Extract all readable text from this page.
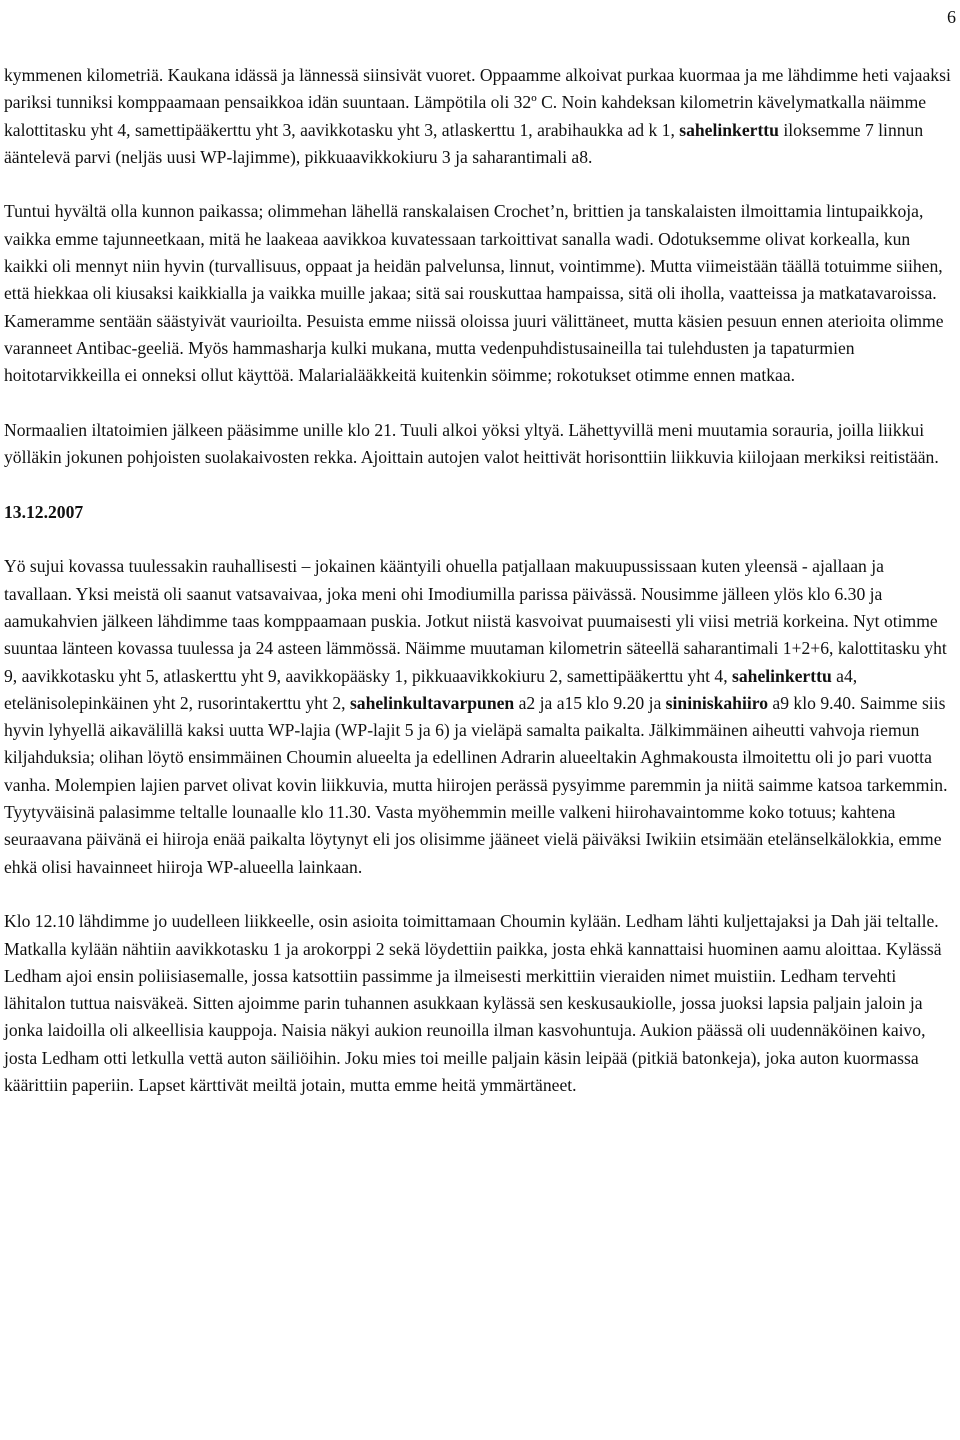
6

kymmenen kilometriä. Kaukana idässä ja lännessä siinsivät vuoret. Oppaamme alkoivat purkaa kuormaa ja me lähdimme heti vajaaksi pariksi tunniksi komppaamaan pensaikkoa idän suuntaan. Lämpötila oli 32º C. Noin kahdeksan kilometrin kävelymatkalla näimme kalottitasku yht 4, samettipääkerttu yht 3, aavikkotasku yht 3, atlaskerttu 1, arabihaukka ad k 1, sahelinkerttu iloksemme 7 linnun ääntelevä parvi (neljäs uusi WP-lajimme), pikkuaavikkokiuru 3 ja saharantimali a8.

Tuntui hyvältä olla kunnon paikassa; olimmehan lähellä ranskalaisen Crochet’n, brittien ja tanskalaisten ilmoittamia lintupaikkoja, vaikka emme tajunneetkaan, mitä he laakeaa aavikkoa kuvatessaan tarkoittivat sanalla wadi. Odotuksemme olivat korkealla, kun kaikki oli mennyt niin hyvin (turvallisuus, oppaat ja heidän palvelunsa, linnut, vointimme). Mutta viimeistään täällä totuimme siihen, että hiekkaa oli kiusaksi kaikkialla ja vaikka muille jakaa; sitä sai rouskuttaa hampaissa, sitä oli iholla, vaatteissa ja matkatavaroissa. Kameramme sentään säästyivät vaurioilta. Pesuista emme niissä oloissa juuri välittäneet, mutta käsien pesuun ennen aterioita olimme varanneet Antibac-geeliä. Myös hammasharja kulki mukana, mutta vedenpuhdistusaineilla tai tulehdusten ja tapaturmien hoitotarvikkeilla ei onneksi ollut käyttöä. Malarialääkkeitä kuitenkin söimme; rokotukset otimme ennen matkaa.

Normaalien iltatoimien jälkeen pääsimme unille klo 21. Tuuli alkoi yöksi yltyä. Lähettyvillä meni muutamia sorauria, joilla liikkui yölläkin jokunen pohjoisten suolakaivosten rekka. Ajoittain autojen valot heittivät horisonttiin liikkuvia kiilojaan merkiksi reitistään.

13.12.2007

Yö sujui kovassa tuulessakin rauhallisesti – jokainen kääntyili ohuella patjallaan makuupussissaan kuten yleensä - ajallaan ja tavallaan. Yksi meistä oli saanut vatsavaivaa, joka meni ohi Imodiumilla parissa päivässä. Nousimme jälleen ylös klo 6.30 ja aamukahvien jälkeen lähdimme taas komppaamaan puskia. Jotkut niistä kasvoivat puumaisesti yli viisi metriä korkeina. Nyt otimme suuntaa länteen kovassa tuulessa ja 24 asteen lämmössä. Näimme muutaman kilometrin säteellä saharantimali 1+2+6, kalottitasku yht 9, aavikkotasku yht 5, atlaskerttu yht 9, aavikkopääsky 1, pikkuaavikkokiuru 2, samettipääkerttu yht 4, sahelinkerttu a4, etelänisolepinkäinen yht 2, rusorintakerttu yht 2, sahelinkultavarpunen a2 ja a15 klo 9.20 ja sininiskahiiro a9 klo 9.40. Saimme siis hyvin lyhyellä aikavälillä kaksi uutta WP-lajia (WP-lajit 5 ja 6) ja vieläpä samalta paikalta. Jälkimmäinen aiheutti vahvoja riemun kiljahduksia; olihan löytö ensimmäinen Choumin alueelta ja edellinen Adrarin alueeltakin Aghmakousta ilmoitettu oli jo pari vuotta vanha. Molempien lajien parvet olivat kovin liikkuvia, mutta hiirojen perässä pysyimme paremmin ja niitä saimme katsoa tarkemmin. Tyytyväisinä palasimme teltalle lounaalle klo 11.30. Vasta myöhemmin meille valkeni hiirohavaintomme koko totuus; kahtena seuraavana päivänä ei hiiroja enää paikalta löytynyt eli jos olisimme jääneet vielä päiväksi Iwikiin etsimään etelänselkälokkia, emme ehkä olisi havainneet hiiroja WP-alueella lainkaan.

Klo 12.10 lähdimme jo uudelleen liikkeelle, osin asioita toimittamaan Choumin kylään. Ledham lähti kuljettajaksi ja Dah jäi teltalle. Matkalla kylään nähtiin aavikkotasku 1 ja arokorppi 2 sekä löydettiin paikka, josta ehkä kannattaisi huominen aamu aloittaa. Kylässä Ledham ajoi ensin poliisiasemalle, jossa katsottiin passimme ja ilmeisesti merkittiin vieraiden nimet muistiin. Ledham tervehti lähitalon tuttua naisväkeä. Sitten ajoimme parin tuhannen asukkaan kylässä sen keskusaukiolle, jossa juoksi lapsia paljain jaloin ja jonka laidoilla oli alkeellisia kauppoja. Naisia näkyi aukion reunoilla ilman kasvohuntuja. Aukion päässä oli uudennäköinen kaivo, josta Ledham otti letkulla vettä auton säiliöihin. Joku mies toi meille paljain käsin leipää (pitkiä batonkeja), joka auton kuormassa käärittiin paperiin. Lapset kärttivät meiltä jotain, mutta emme heitä ymmärtäneet.
